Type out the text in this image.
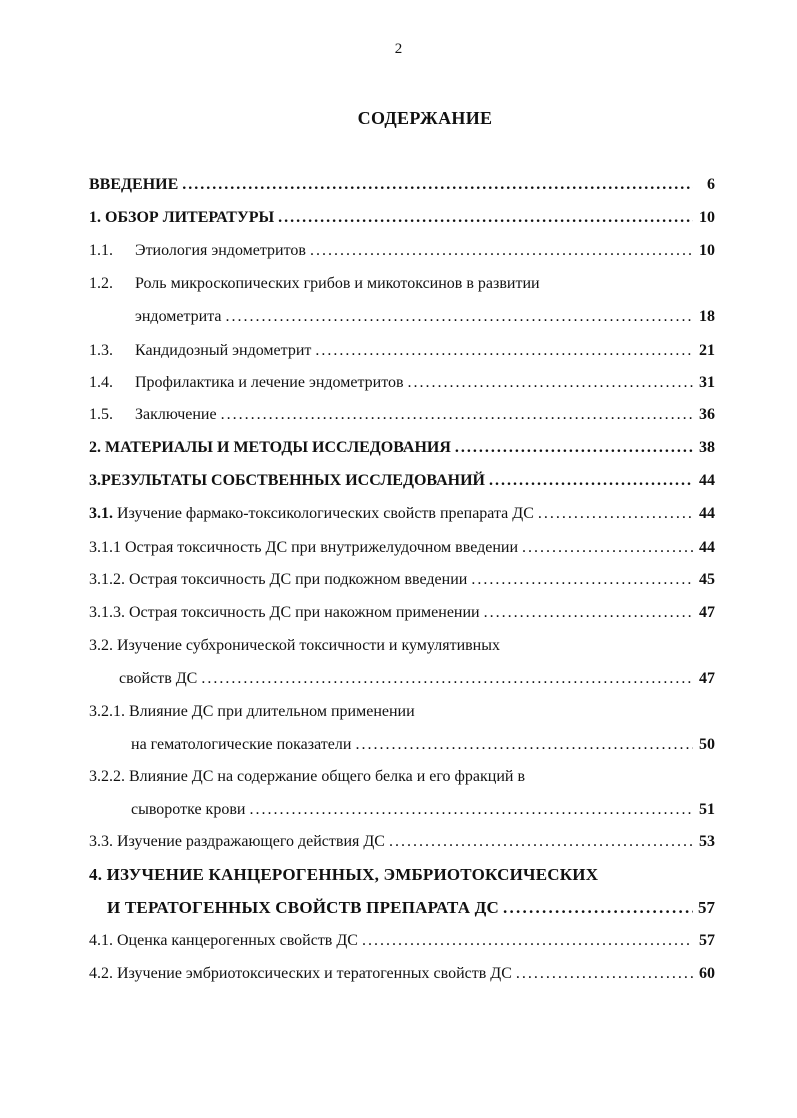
2
СОДЕРЖАНИЕ
ВВЕДЕНИЕ . . .	6
1. ОБЗОР ЛИТЕРАТУРЫ . . .	10
1.1.	Этиология эндометритов . . .	10
1.2. Роль микроскопических грибов и микотоксинов в развитии
эндометрита . . .	18
1.3.	Кандидозный эндометрит . . .	21
1.4.	Профилактика и лечение эндометритов . . .	31
1.5.	Заключение . . .	36
2. МАТЕРИАЛЫ И МЕТОДЫ ИССЛЕДОВАНИЯ . . .	38
3.РЕЗУЛЬТАТЫ СОБСТВЕННЫХ ИССЛЕДОВАНИЙ . . .	44
3.1. Изучение фармако-токсикологических свойств препарата ДС . . .	44
3.1.1 Острая токсичность ДС при внутрижелудочном введении . . .	44
3.1.2. Острая токсичность ДС при подкожном введении . . .	45
3.1.3. Острая токсичность ДС при накожном применении . . .	47
3.2. Изучение субхронической токсичности и кумулятивных
свойств ДС . . .	47
3.2.1. Влияние ДС при длительном применении
на гематологические показатели . . .	50
3.2.2. Влияние ДС на содержание общего белка и его фракций в
сыворотке крови . . .	51
3.3. Изучение раздражающего действия ДС . . .	53
4. ИЗУЧЕНИЕ КАНЦЕРОГЕННЫХ, ЭМБРИОТОКСИЧЕСКИХ
И ТЕРАТОГЕННЫХ СВОЙСТВ ПРЕПАРАТА ДС . . .	57
4.1. Оценка канцерогенных свойств ДС . . .	57
4.2. Изучение эмбриотоксических и тератогенных свойств ДС . . .	60
